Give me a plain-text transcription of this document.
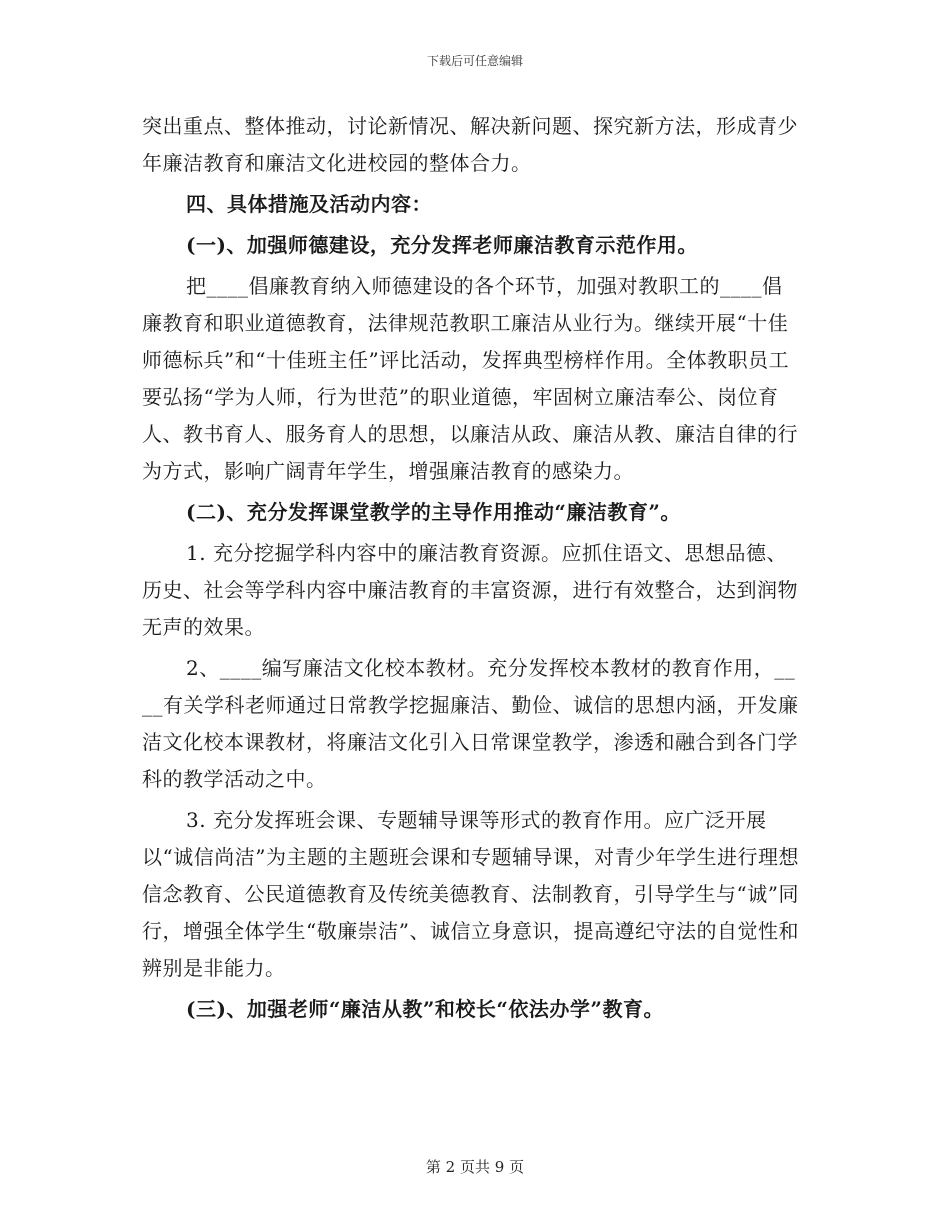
下载后可任意编辑

突出重点、整体推动，讨论新情况、解决新问题、探究新方法，形成青少年廉洁教育和廉洁文化进校园的整体合力。

四、具体措施及活动内容：

(一)、加强师德建设，充分发挥老师廉洁教育示范作用。

把____倡廉教育纳入师德建设的各个环节，加强对教职工的____倡廉教育和职业道德教育，法律规范教职工廉洁从业行为。继续开展“十佳师德标兵”和“十佳班主任”评比活动，发挥典型榜样作用。全体教职员工要弘扬“学为人师，行为世范”的职业道德，牢固树立廉洁奉公、岗位育人、教书育人、服务育人的思想，以廉洁从政、廉洁从教、廉洁自律的行为方式，影响广阔青年学生，增强廉洁教育的感染力。

(二)、充分发挥课堂教学的主导作用推动“廉洁教育”。

1. 充分挖掘学科内容中的廉洁教育资源。应抓住语文、思想品德、历史、社会等学科内容中廉洁教育的丰富资源，进行有效整合，达到润物无声的效果。

2、____编写廉洁文化校本教材。充分发挥校本教材的教育作用，____有关学科老师通过日常教学挖掘廉洁、勤俭、诚信的思想内涵，开发廉洁文化校本课教材，将廉洁文化引入日常课堂教学，渗透和融合到各门学科的教学活动之中。

3. 充分发挥班会课、专题辅导课等形式的教育作用。应广泛开展以“诚信尚洁”为主题的主题班会课和专题辅导课，对青少年学生进行理想信念教育、公民道德教育及传统美德教育、法制教育，引导学生与“诚”同行，增强全体学生“敬廉崇洁”、诚信立身意识，提高遵纪守法的自觉性和辨别是非能力。

(三)、加强老师“廉洁从教”和校长“依法办学”教育。

第 2 页共 9 页
